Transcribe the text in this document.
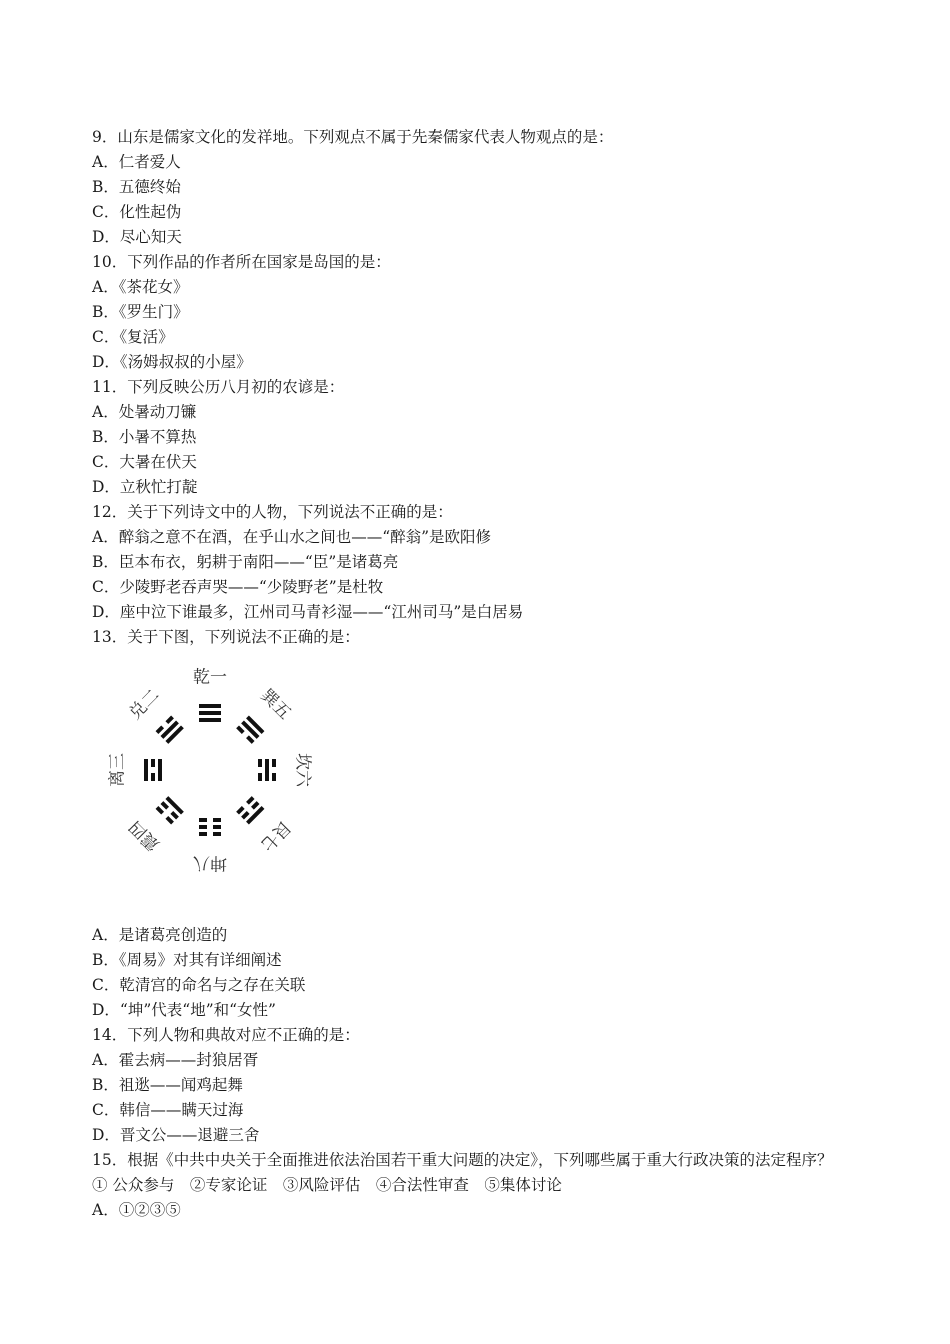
9．山东是儒家文化的发祥地。下列观点不属于先秦儒家代表人物观点的是：
A．仁者爱人
B．五德终始
C．化性起伪
D．尽心知天
10．下列作品的作者所在国家是岛国的是：
A．《茶花女》
B．《罗生门》
C．《复活》
D．《汤姆叔叔的小屋》
11．下列反映公历八月初的农谚是：
A．处暑动刀镰
B．小暑不算热
C．大暑在伏天
D．立秋忙打靛
12．关于下列诗文中的人物，下列说法不正确的是：
A．醉翁之意不在酒，在乎山水之间也——“醉翁”是欧阳修
B．臣本布衣，躬耕于南阳——“臣”是诸葛亮
C．少陵野老吞声哭——“少陵野老”是杜牧
D．座中泣下谁最多，江州司马青衫湿——“江州司马”是白居易
13．关于下图，下列说法不正确的是：
乾一
巽五
坎六
艮七
坤八
震四
离三
兑二
A．是诸葛亮创造的
B．《周易》对其有详细阐述
C．乾清宫的命名与之存在关联
D．“坤”代表“地”和“女性”
14．下列人物和典故对应不正确的是：
A．霍去病——封狼居胥
B．祖逖——闻鸡起舞
C．韩信——瞒天过海
D．晋文公——退避三舍
15．根据《中共中央关于全面推进依法治国若干重大问题的决定》，下列哪些属于重大行政决策的法定程序？
① 公众参与　②专家论证　③风险评估　④合法性审查　⑤集体讨论
A．①②③⑤
